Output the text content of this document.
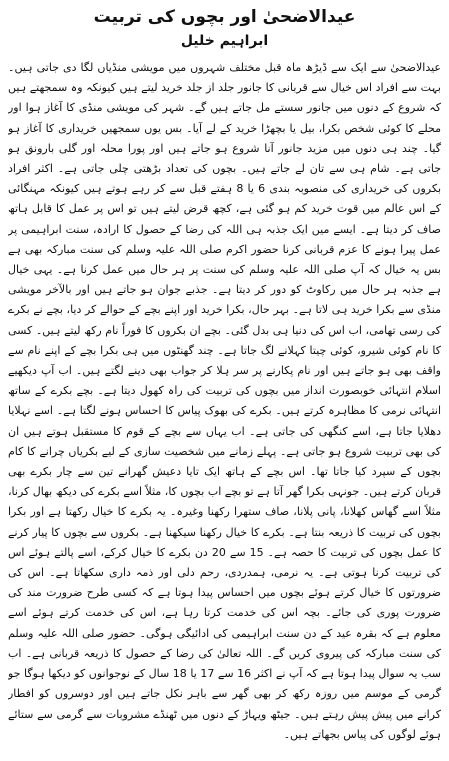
عیدالاضحیٰ اور بچوں کی تربیت
ابراہیم خلیل
عیدالاضحیٰ سے ایک سے ڈیڑھ ماہ قبل مختلف شہروں میں مویشی منڈیاں لگا دی جاتی ہیں۔ بہت سے افراد اس خیال سے قربانی کا جانور جلد از جلد خرید لیتے ہیں کیونکہ وہ سمجھتے ہیں کہ شروع کے دنوں میں جانور سستے مل جاتے ہیں گے۔ شہر کی مویشی منڈی کا آغاز ہوا اور محلے کا کوئی شخص بکرا، بیل یا بچھڑا خرید کے لے آیا۔ بس یوں سمجھیں خریداری کا آغاز ہو گیا۔ چند ہی دنوں میں مزید جانور آنا شروع ہو جاتے ہیں اور پورا محلہ اور گلی بارونق ہو جاتی ہے۔ شام ہی سے تان لے جاتے ہیں۔ بچوں کی تعداد بڑھتی چلی جاتی ہے۔ اکثر افراد بکروں کی خریداری کی منصوبہ بندی 6 یا 8 ہفتے قبل سے کر رہے ہوتے ہیں کیونکہ مہنگائی کے اس عالم میں قوت خرید کم ہو گئی ہے، کچھ قرض لیتے ہیں تو اس پر عمل کا قابل ہاتھ صاف کر دیتا ہے۔ ایسے میں ایک جذبہ ہی اللہ کی رضا کے حصول کا ارادہ، سنت ابراہیمی پر عمل پیرا ہونے کا عزم قربانی کرنا حضور اکرم صلی اللہ علیہ وسلم کی سنت مبارکہ بھی ہے بس یہ خیال کہ آپ صلی اللہ علیہ وسلم کی سنت پر ہر حال میں عمل کرنا ہے۔ یہی خیال ہے جذبہ ہر حال میں رکاوٹ کو دور کر دیتا ہے۔ جذبے جوان ہو جاتے ہیں اور بالآخر مویشی منڈی سے بکرا خرید ہی لاتا ہے۔ بہر حال، بکرا خرید اور اپنے بچے کے حوالے کر دیا، بچے نے بکرے کی رسی تھامی، اب اس کی دنیا ہی بدل گئی۔ بچے ان بکروں کا فوراً نام رکھ لیتے ہیں۔ کسی کا نام کوئی شیرو، کوئی چیتا کہلانے لگ جاتا ہے۔ چند گھنٹوں میں ہی بکرا بچے کے اپنے نام سے واقف بھی ہو جاتے ہیں اور نام پکارنے پر سر ہلا کر جواب بھی دینے لگتے ہیں۔ اب آپ دیکھیے اسلام انتہائی خوبصورت انداز میں بچوں کی تربیت کی راہ کھول دیتا ہے۔ بچے بکرے کے ساتھ انتہائی نرمی کا مظاہرہ کرتے ہیں۔ بکرے کی بھوک پیاس کا احساس ہونے لگتا ہے۔ اسے نہلایا دھلایا جاتا ہے، اسے کنگھی کی جاتی ہے۔ اب یہاں سے بچے کے قوم کا مستقبل ہوتے ہیں ان کی بھی تربیت شروع ہو جاتی ہے۔ پہلے زمانے میں شخصیت سازی کے لیے بکریاں چرانے کا کام بچوں کے سپرد کیا جاتا تھا۔ اس بچے کے ہاتھ ایک تایا دعیش گھرانے تین سے چار بکرے بھی قربان کرتے ہیں۔ جونہی بکرا گھر آتا ہے تو بچے اب بچوں کا، مثلاً اسے بکرے کی دیکھ بھال کرنا، مثلاً اسے گھاس کھلانا، پانی پلانا، صاف ستھرا رکھنا وغیرہ۔ یہ بکرے کا خیال رکھتا ہے اور بکرا بچوں کی تربیت کا ذریعہ بنتا ہے۔ بکرے کا خیال رکھنا سیکھنا ہے۔ بکروں سے بچوں کا پیار کرنے کا عمل بچوں کی تربیت کا حصہ ہے۔ 15 سے 20 دن بکرے کا خیال کرکے، اسے پالتے ہوئے اس کی تربیت کرنا ہوتی ہے۔ یہ نرمی، ہمدردی، رحم دلی اور ذمہ داری سکھاتا ہے۔ اس کی ضرورتوں کا خیال کرتے ہوئے بچوں میں احساس پیدا ہوتا ہے کہ کسی طرح ضرورت مند کی ضرورت پوری کی جائے۔ بچہ اس کی خدمت کرتا رہا ہے، اس کی خدمت کرتے ہوئے اسے معلوم ہے کہ بقرہ عید کے دن سنت ابراہیمی کی ادائیگی ہوگی۔ حضور صلی اللہ علیہ وسلم کی سنت مبارکہ کی پیروی کریں گے۔ اللہ تعالیٰ کی رضا کے حصول کا ذریعہ قربانی ہے۔ اب سب یہ سوال پیدا ہوتا ہے کہ آپ نے اکثر 16 سے 17 یا 18 سال کے نوجوانوں کو دیکھا ہوگا جو گرمی کے موسم میں روزہ رکھ کر بھی گھر سے باہر نکل جاتے ہیں اور دوسروں کو افطار کرانے میں پیش پیش رہتے ہیں۔ جیٹھ ویہاڑ کے دنوں میں ٹھنڈے مشروبات سے گرمی سے ستائے ہوئے لوگوں کی پیاس بجھاتے ہیں۔
